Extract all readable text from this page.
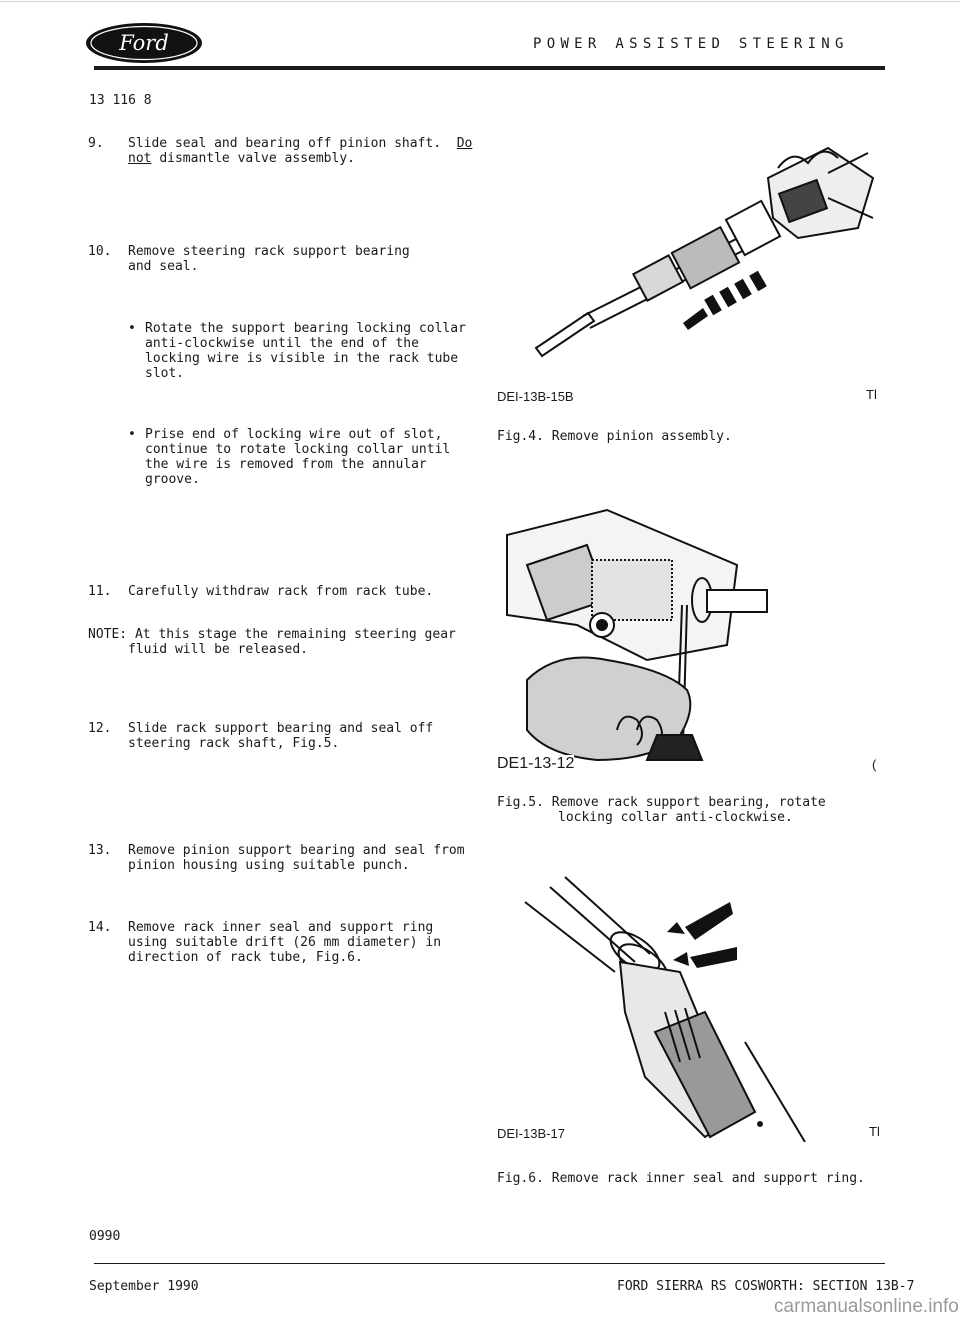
Ford	POWER ASSISTED STEERING
13 116 8
9.	Slide seal and bearing off pinion shaft. Do
not dismantle valve assembly.
10.	Remove steering rack support bearing and seal.
• Rotate the support bearing locking collar anti-clockwise until the end of the locking wire is visible in the rack tube slot.
• Prise end of locking wire out of slot, continue to rotate locking collar until the wire is removed from the annular groove.
11.	Carefully withdraw rack from rack tube.
NOTE: At this stage the remaining steering gear
fluid will be released.
12.	Slide rack support bearing and seal off steering rack shaft, Fig.5.
13.	Remove pinion support bearing and seal from pinion housing using suitable punch.
14.	Remove rack inner seal and support ring using suitable drift (26 mm diameter) in direction of rack tube, Fig.6.
DEI-13B-15B	Tl
Fig.4. Remove pinion assembly.
DE1-13-12	(
Fig.5. Remove rack support bearing, rotate
locking collar anti-clockwise.
DEI-13B-17	Tl
Fig.6. Remove rack inner seal and support ring.
0990
September 1990	FORD SIERRA RS COSWORTH: SECTION 13B-7
carmanualsonline.info
